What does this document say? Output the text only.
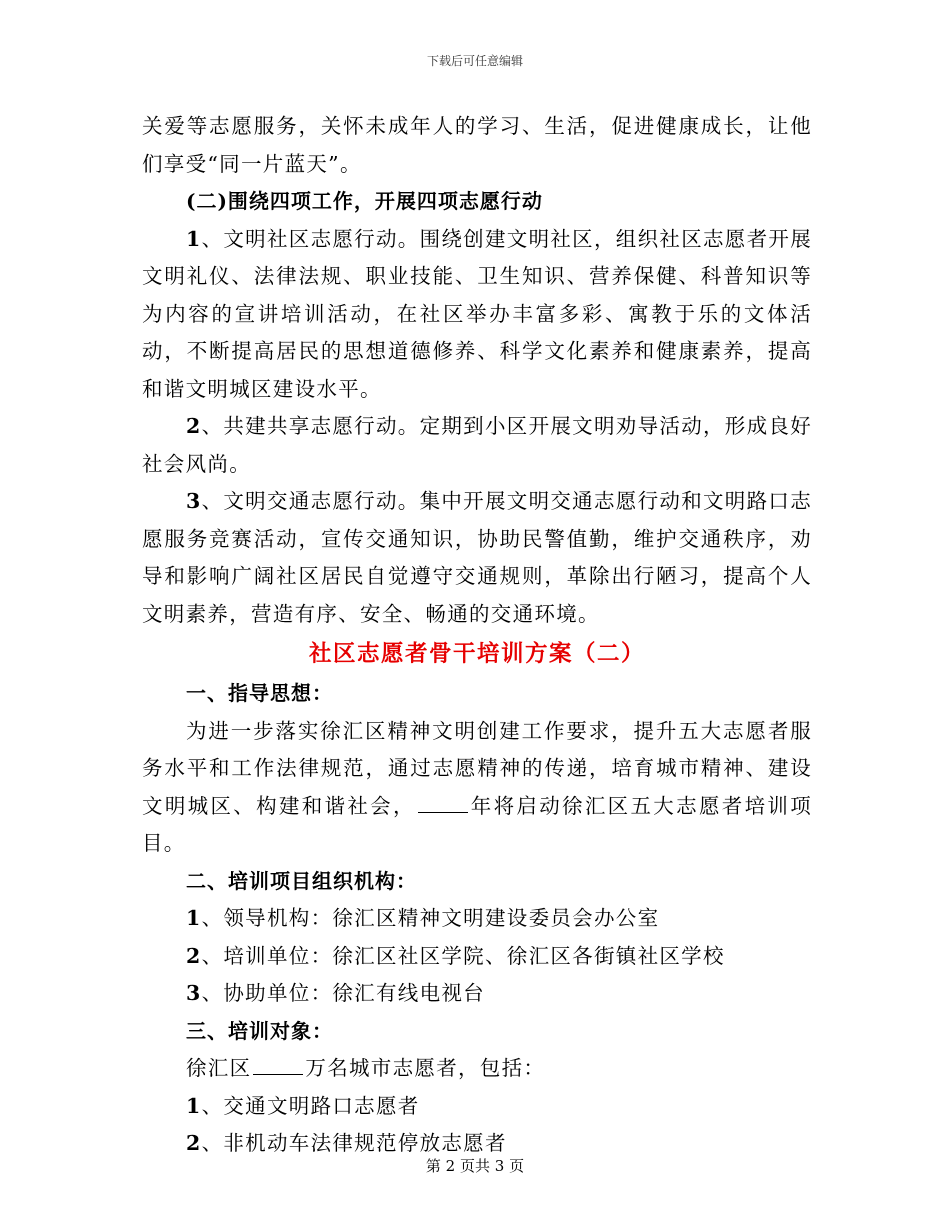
下载后可任意编辑

关爱等志愿服务，关怀未成年人的学习、生活，促进健康成长，让他们享受“同一片蓝天”。

(二)围绕四项工作，开展四项志愿行动

1、文明社区志愿行动。围绕创建文明社区，组织社区志愿者开展文明礼仪、法律法规、职业技能、卫生知识、营养保健、科普知识等为内容的宣讲培训活动，在社区举办丰富多彩、寓教于乐的文体活动，不断提高居民的思想道德修养、科学文化素养和健康素养，提高和谐文明城区建设水平。

2、共建共享志愿行动。定期到小区开展文明劝导活动，形成良好社会风尚。

3、文明交通志愿行动。集中开展文明交通志愿行动和文明路口志愿服务竞赛活动，宣传交通知识，协助民警值勤，维护交通秩序，劝导和影响广阔社区居民自觉遵守交通规则，革除出行陋习，提高个人文明素养，营造有序、安全、畅通的交通环境。

社区志愿者骨干培训方案（二）

一、指导思想：

为进一步落实徐汇区精神文明创建工作要求，提升五大志愿者服务水平和工作法律规范，通过志愿精神的传递，培育城市精神、建设文明城区、构建和谐社会，	年将启动徐汇区五大志愿者培训项目。

二、培训项目组织机构：

1、领导机构：徐汇区精神文明建设委员会办公室

2、培训单位：徐汇区社区学院、徐汇区各街镇社区学校

3、协助单位：徐汇有线电视台

三、培训对象：

徐汇区	万名城市志愿者，包括：

1、交通文明路口志愿者

2、非机动车法律规范停放志愿者

第 2 页共 3 页
